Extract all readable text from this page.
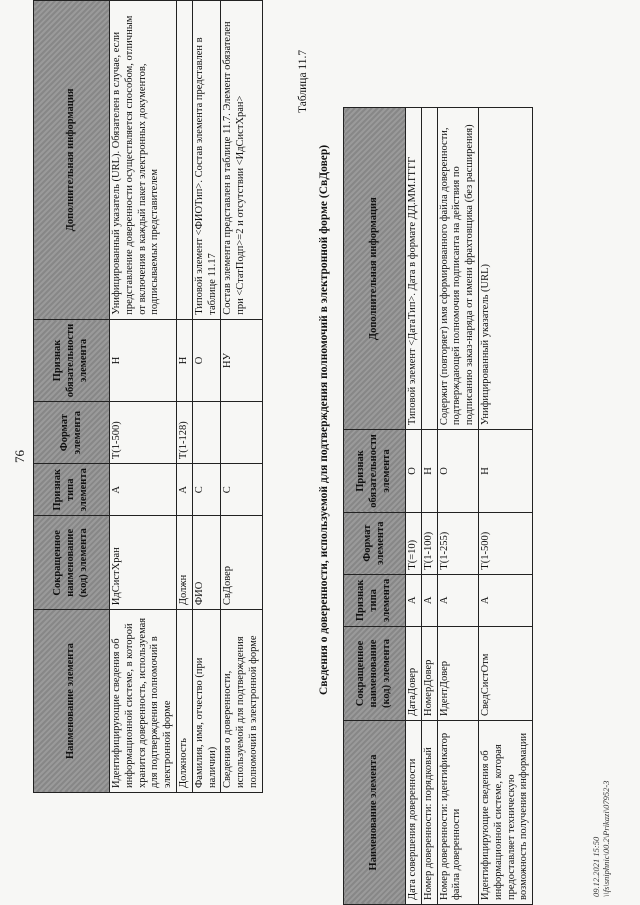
76
Наименование элемента	Сокращенное наименование (код) элемента	Признак типа элемента	Формат элемента	Признак обязательности элемента	Дополнительная информация
Идентифицирующие сведения об информационной системе, в которой хранится доверенность, используемая для подтверждения полномочий в электронной форме	ИдСистХран	А	T(1-500)	Н	Унифицированный указатель (URL). Обязателен в случае, если представление доверенности осуществляется способом, отличным от включения в каждый пакет электронных документов, подписываемых представителем
Должность	Должн	А	T(1-128)	Н	
Фамилия, имя, отчество (при наличии)	ФИО	С		О	Типовой элемент <ФИОТип>. Состав элемента представлен в таблице 11.17
Сведения о доверенности, используемой для подтверждения полномочий в электронной форме	СвДовер	С		НУ	Состав элемента представлен в таблице 11.7. Элемент обязателен при <СтатПодп>=2 и отсутствии <ИдСистХран>
Таблица 11.7
Сведения о доверенности, используемой для подтверждения полномочий в электронной форме (СвДовер)
Наименование элемента	Сокращенное наименование (код) элемента	Признак типа элемента	Формат элемента	Признак обязательности элемента	Дополнительная информация
Дата совершения доверенности	ДатаДовер	А	T(=10)	О	Типовой элемент <ДатаТип>. Дата в формате ДД.ММ.ГГГГ
Номер доверенности: порядковый	НомерДовер	А	T(1-100)	Н	
Номер доверенности: идентификатор файла доверенности	ИдентДовер	А	T(1-255)	О	Содержит (повторяет) имя сформированного файла доверенности, подтверждающей полномочия подписанта на действия по подписанию заказ-наряда от имени фрахтовщика (без расширения)
Идентифицирующие сведения об информационной системе, которая предоставляет техническую возможность получения информации	СведСистОтм	А	T(1-500)	Н	Унифицированный указатель (URL)
09.12.2021 15:50 \\fs\sniphnic\00.2\Prikazi\07952-3
